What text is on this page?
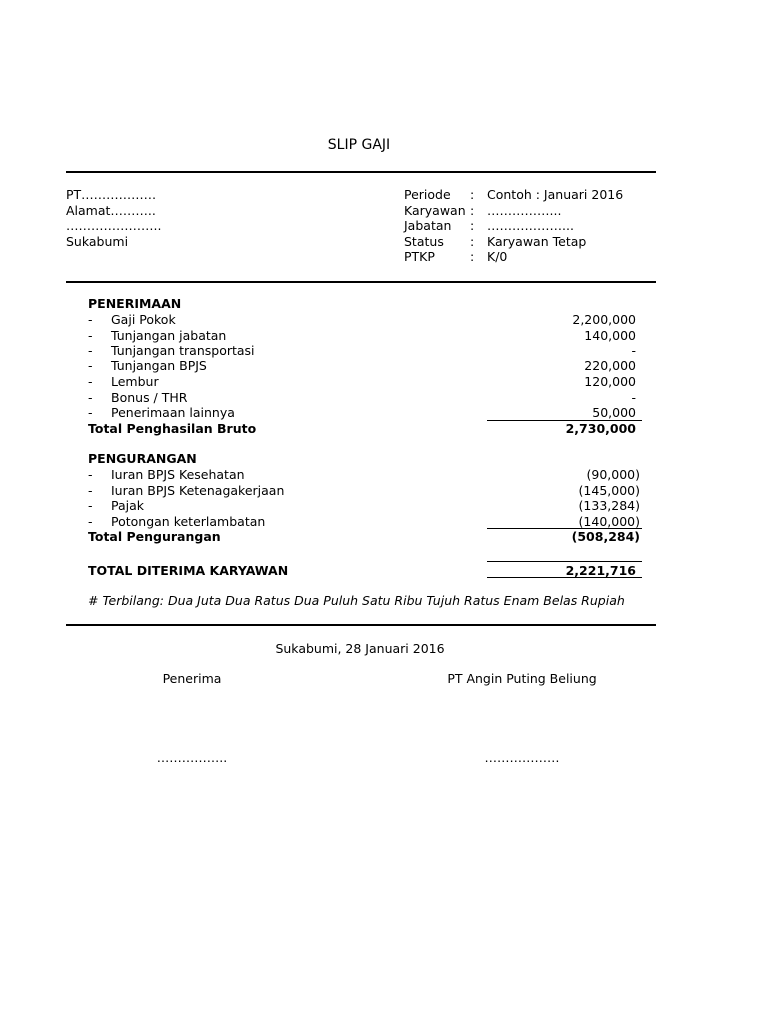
SLIP GAJI
PT………………
Alamat………..
…………………..
Sukabumi
Periode : Contoh : Januari 2016
Karyawan : ……………...
Jabatan : ………………...
Status : Karyawan Tetap
PTKP	: K/0
PENERIMAAN
- Gaji Pokok	2,200,000
- Tunjangan jabatan	140,000
- Tunjangan transportasi	-
- Tunjangan BPJS	220,000
- Lembur	120,000
- Bonus / THR	-
- Penerimaan lainnya	50,000
Total Penghasilan Bruto	2,730,000
PENGURANGAN
- Iuran BPJS Kesehatan	(90,000)
- Iuran BPJS Ketenagakerjaan	(145,000)
- Pajak	(133,284)
- Potongan keterlambatan	(140,000)
Total Pengurangan	(508,284)
TOTAL DITERIMA KARYAWAN	2,221,716
# Terbilang: Dua Juta Dua Ratus Dua Puluh Satu Ribu Tujuh Ratus Enam Belas Rupiah
Sukabumi, 28 Januari 2016
Penerima	PT Angin Puting Beliung
……………..	………………
